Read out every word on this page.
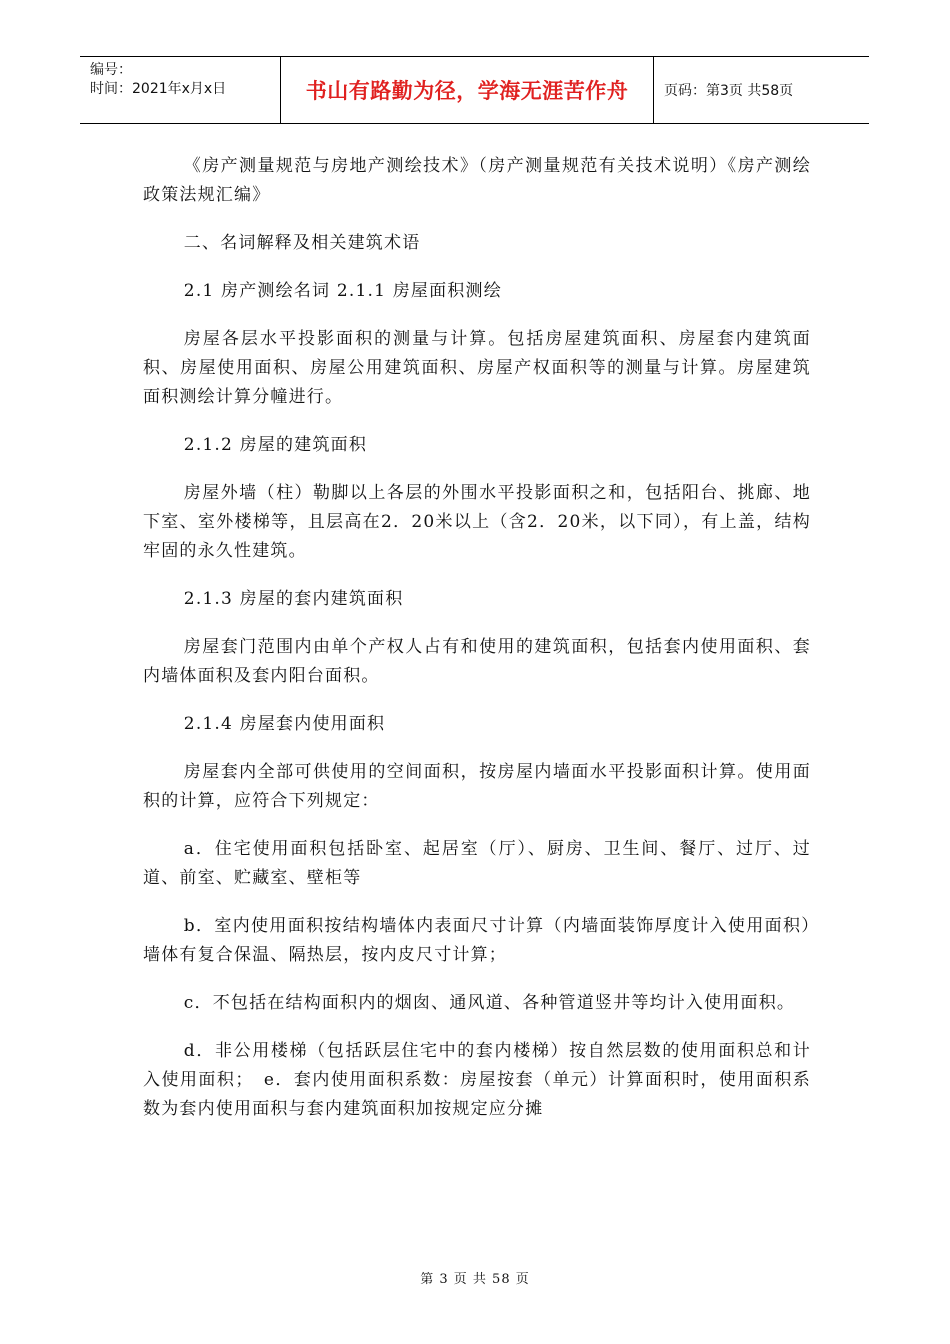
编号：
时间：2021年x月x日	书山有路勤为径，学海无涯苦作舟	页码：第3页 共58页

《房产测量规范与房地产测绘技术》（房产测量规范有关技术说明）《房产测绘政策法规汇编》

二、名词解释及相关建筑术语

2.1 房产测绘名词 2.1.1 房屋面积测绘

房屋各层水平投影面积的测量与计算。包括房屋建筑面积、房屋套内建筑面积、房屋使用面积、房屋公用建筑面积、房屋产权面积等的测量与计算。房屋建筑面积测绘计算分幢进行。

2.1.2 房屋的建筑面积

房屋外墙（柱）勒脚以上各层的外围水平投影面积之和，包括阳台、挑廊、地下室、室外楼梯等，且层高在2．20米以上（含2．20米，以下同），有上盖，结构牢固的永久性建筑。

2.1.3 房屋的套内建筑面积

房屋套门范围内由单个产权人占有和使用的建筑面积，包括套内使用面积、套内墙体面积及套内阳台面积。

2.1.4 房屋套内使用面积

房屋套内全部可供使用的空间面积，按房屋内墙面水平投影面积计算。使用面积的计算，应符合下列规定：

a．住宅使用面积包括卧室、起居室（厅）、厨房、卫生间、餐厅、过厅、过道、前室、贮藏室、壁柜等

b．室内使用面积按结构墙体内表面尺寸计算（内墙面装饰厚度计入使用面积）墙体有复合保温、隔热层，按内皮尺寸计算；

c．不包括在结构面积内的烟囱、通风道、各种管道竖井等均计入使用面积。

d．非公用楼梯（包括跃层住宅中的套内楼梯）按自然层数的使用面积总和计入使用面积；　e．套内使用面积系数：房屋按套（单元）计算面积时，使用面积系数为套内使用面积与套内建筑面积加按规定应分摊

第 3 页 共 58 页
